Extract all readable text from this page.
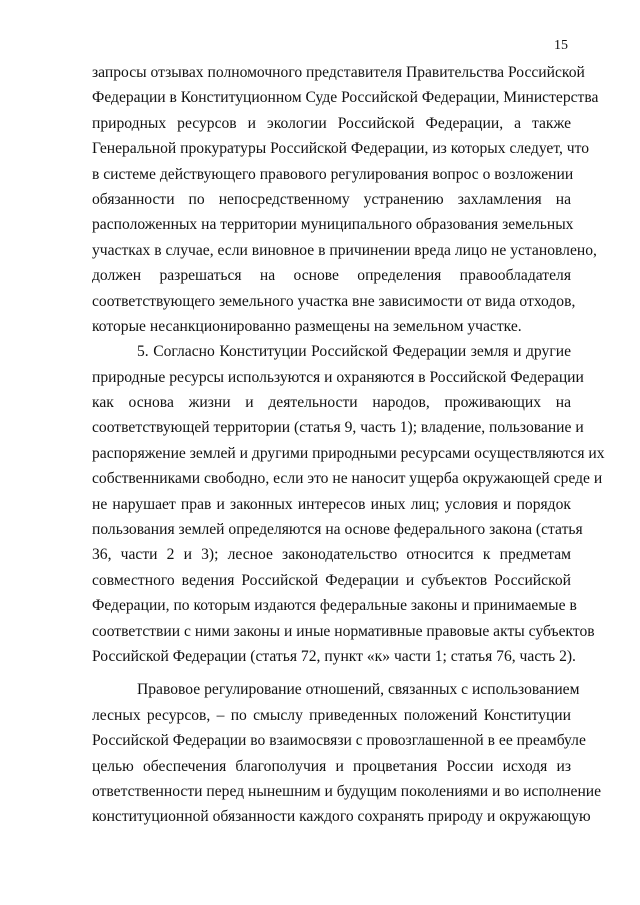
15
запросы отзывах полномочного представителя Правительства Российской
Федерации в Конституционном Суде Российской Федерации, Министерства
природных ресурсов и экологии Российской Федерации, а также
Генеральной прокуратуры Российской Федерации, из которых следует, что
в системе действующего правового регулирования вопрос о возложении
обязанности по непосредственному устранению захламления на
расположенных на территории муниципального образования земельных
участках в случае, если виновное в причинении вреда лицо не установлено,
должен разрешаться на основе определения правообладателя
соответствующего земельного участка вне зависимости от вида отходов,
которые несанкционированно размещены на земельном участке.
5. Согласно Конституции Российской Федерации земля и другие
природные ресурсы используются и охраняются в Российской Федерации
как основа жизни и деятельности народов, проживающих на
соответствующей территории (статья 9, часть 1); владение, пользование и
распоряжение землей и другими природными ресурсами осуществляются их
собственниками свободно, если это не наносит ущерба окружающей среде и
не нарушает прав и законных интересов иных лиц; условия и порядок
пользования землей определяются на основе федерального закона (статья
36, части 2 и 3); лесное законодательство относится к предметам
совместного ведения Российской Федерации и субъектов Российской
Федерации, по которым издаются федеральные законы и принимаемые в
соответствии с ними законы и иные нормативные правовые акты субъектов
Российской Федерации (статья 72, пункт «к» части 1; статья 76, часть 2).
Правовое регулирование отношений, связанных с использованием
лесных ресурсов, – по смыслу приведенных положений Конституции
Российской Федерации во взаимосвязи с провозглашенной в ее преамбуле
целью обеспечения благополучия и процветания России исходя из
ответственности перед нынешним и будущим поколениями и во исполнение
конституционной обязанности каждого сохранять природу и окружающую
